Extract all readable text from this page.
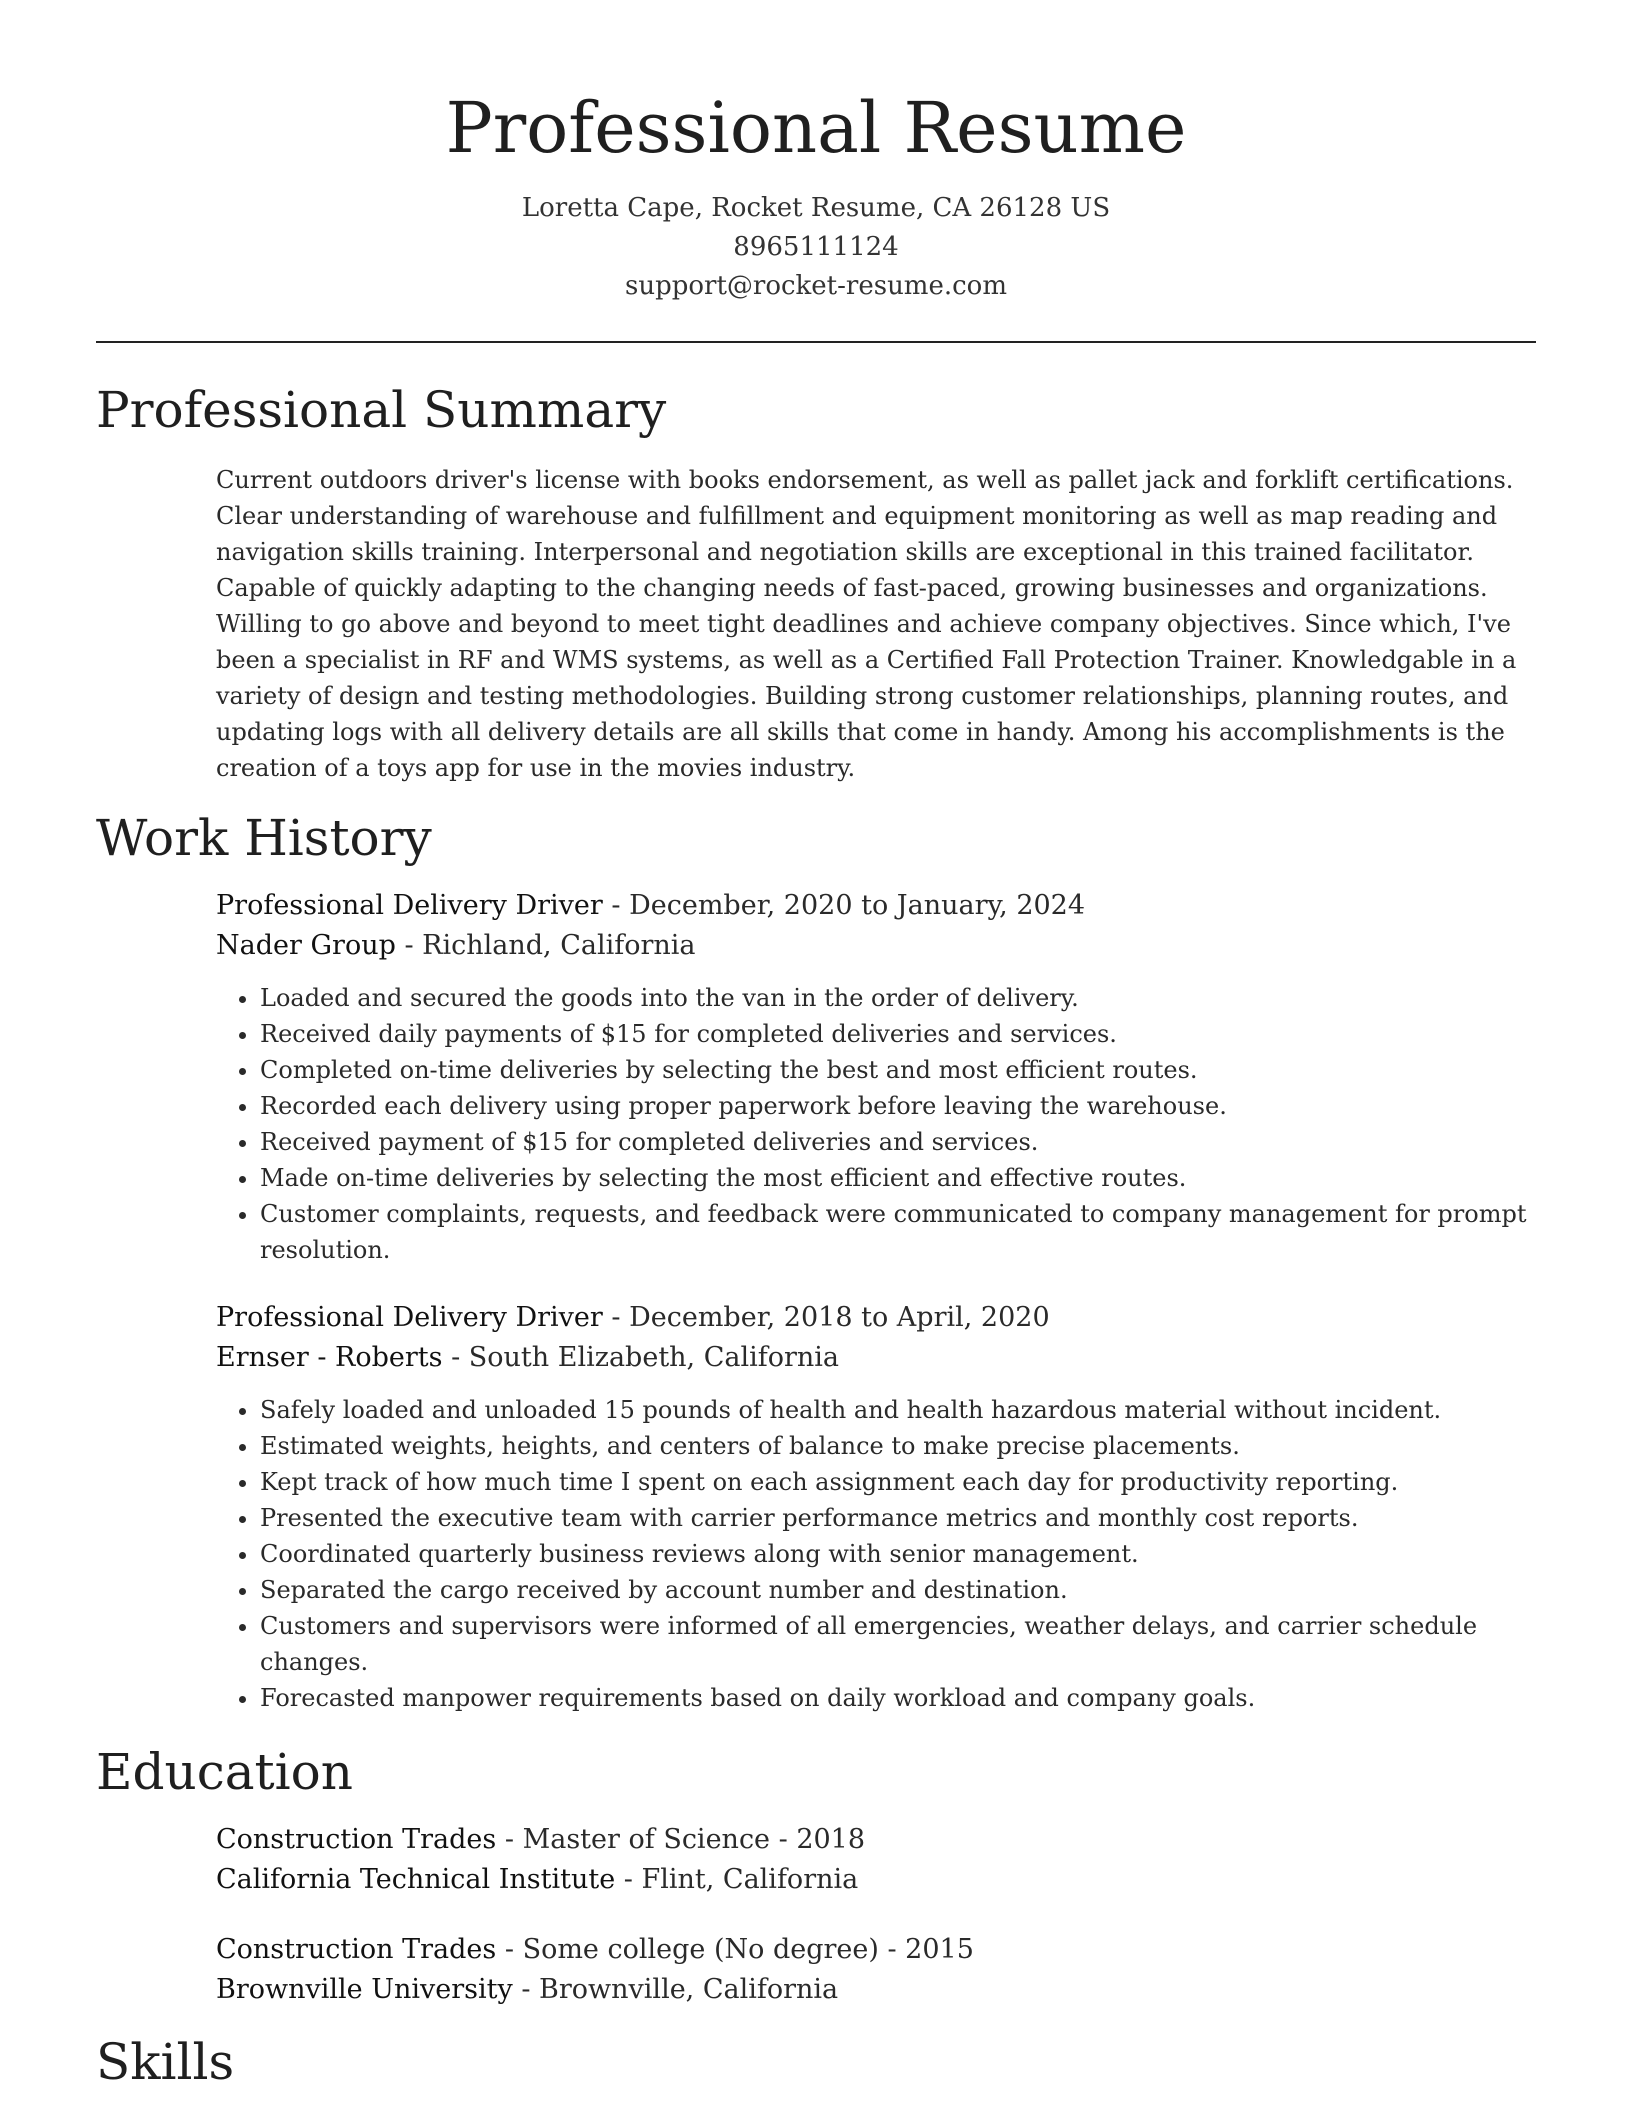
Professional Resume
Loretta Cape, Rocket Resume, CA 26128 US
8965111124
support@rocket-resume.com
Professional Summary

Current outdoors driver's license with books endorsement, as well as pallet jack and forklift certifications. Clear understanding of warehouse and fulfillment and equipment monitoring as well as map reading and navigation skills training. Interpersonal and negotiation skills are exceptional in this trained facilitator. Capable of quickly adapting to the changing needs of fast-paced, growing businesses and organizations. Willing to go above and beyond to meet tight deadlines and achieve company objectives. Since which, I've been a specialist in RF and WMS systems, as well as a Certified Fall Protection Trainer. Knowledgable in a variety of design and testing methodologies. Building strong customer relationships, planning routes, and updating logs with all delivery details are all skills that come in handy. Among his accomplishments is the creation of a toys app for use in the movies industry.

Work History
Professional Delivery Driver - December, 2020 to January, 2024
Nader Group - Richland, California
• Loaded and secured the goods into the van in the order of delivery.
• Received daily payments of $15 for completed deliveries and services.
• Completed on-time deliveries by selecting the best and most efficient routes.
• Recorded each delivery using proper paperwork before leaving the warehouse.
• Received payment of $15 for completed deliveries and services.
• Made on-time deliveries by selecting the most efficient and effective routes.
• Customer complaints, requests, and feedback were communicated to company management for prompt resolution.
Professional Delivery Driver - December, 2018 to April, 2020
Ernser - Roberts - South Elizabeth, California
• Safely loaded and unloaded 15 pounds of health and health hazardous material without incident.
• Estimated weights, heights, and centers of balance to make precise placements.
• Kept track of how much time I spent on each assignment each day for productivity reporting.
• Presented the executive team with carrier performance metrics and monthly cost reports.
• Coordinated quarterly business reviews along with senior management.
• Separated the cargo received by account number and destination.
• Customers and supervisors were informed of all emergencies, weather delays, and carrier schedule changes.
• Forecasted manpower requirements based on daily workload and company goals.
Education
Construction Trades - Master of Science - 2018
California Technical Institute - Flint, California
Construction Trades - Some college (No degree) - 2015
Brownville University - Brownville, California
Skills
